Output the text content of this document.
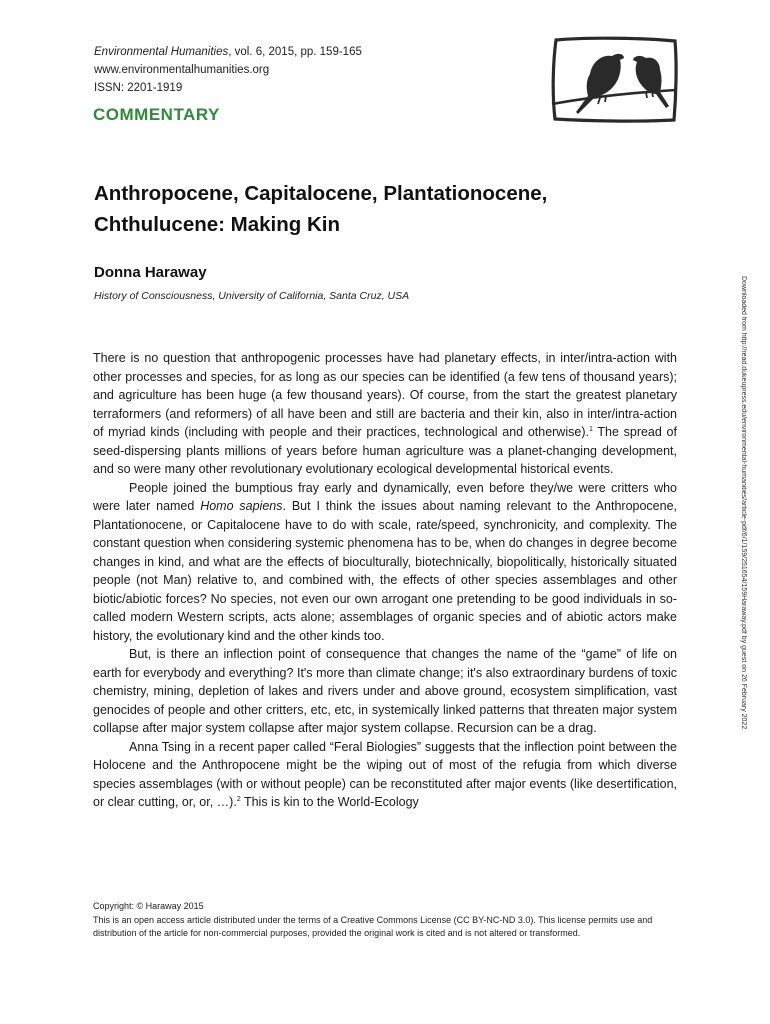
Environmental Humanities, vol. 6, 2015, pp. 159-165
www.environmentalhumanities.org
ISSN: 2201-1919
COMMENTARY
Anthropocene, Capitalocene, Plantationocene,
Chthulucene: Making Kin
Donna Haraway
History of Consciousness, University of California, Santa Cruz, USA	Downloaded from http://read.dukeupress.edu/environmental-humanities/article-pdf/6/1/159/251654/159Haraway.pdf by guest on 26 February 2022

There is no question that anthropogenic processes have had planetary effects, in inter/intra-action with other processes and species, for as long as our species can be identified (a few tens of thousand years); and agriculture has been huge (a few thousand years). Of course, from the start the greatest planetary terraformers (and reformers) of all have been and still are bacteria and their kin, also in inter/intra-action of myriad kinds (including with people and their practices, technological and otherwise).$^1$ The spread of seed-dispersing plants millions of years before human agriculture was a planet-changing development, and so were many other revolutionary evolutionary ecological developmental historical events.

People joined the bumptious fray early and dynamically, even before they/we were critters who were later named Homo sapiens. But I think the issues about naming relevant to the Anthropocene, Plantationocene, or Capitalocene have to do with scale, rate/speed, synchronicity, and complexity. The constant question when considering systemic phenomena has to be, when do changes in degree become changes in kind, and what are the effects of bioculturally, biotechnically, biopolitically, historically situated people (not Man) relative to, and combined with, the effects of other species assemblages and other biotic/abiotic forces? No species, not even our own arrogant one pretending to be good individuals in so-called modern Western scripts, acts alone; assemblages of organic species and of abiotic actors make history, the evolutionary kind and the other kinds too.

But, is there an inflection point of consequence that changes the name of the “game” of life on earth for everybody and everything? It's more than climate change; it's also extraordinary burdens of toxic chemistry, mining, depletion of lakes and rivers under and above ground, ecosystem simplification, vast genocides of people and other critters, etc, etc, in systemically linked patterns that threaten major system collapse after major system collapse after major system collapse. Recursion can be a drag.

Anna Tsing in a recent paper called “Feral Biologies” suggests that the inflection point between the Holocene and the Anthropocene might be the wiping out of most of the refugia from which diverse species assemblages (with or without people) can be reconstituted after major events (like desertification, or clear cutting, or, or, …).$^2$ This is kin to the World-Ecology

Copyright: © Haraway 2015
This is an open access article distributed under the terms of a Creative Commons License (CC BY-NC-ND 3.0). This license permits use and distribution of the article for non-commercial purposes, provided the original work is cited and is not altered or transformed.
